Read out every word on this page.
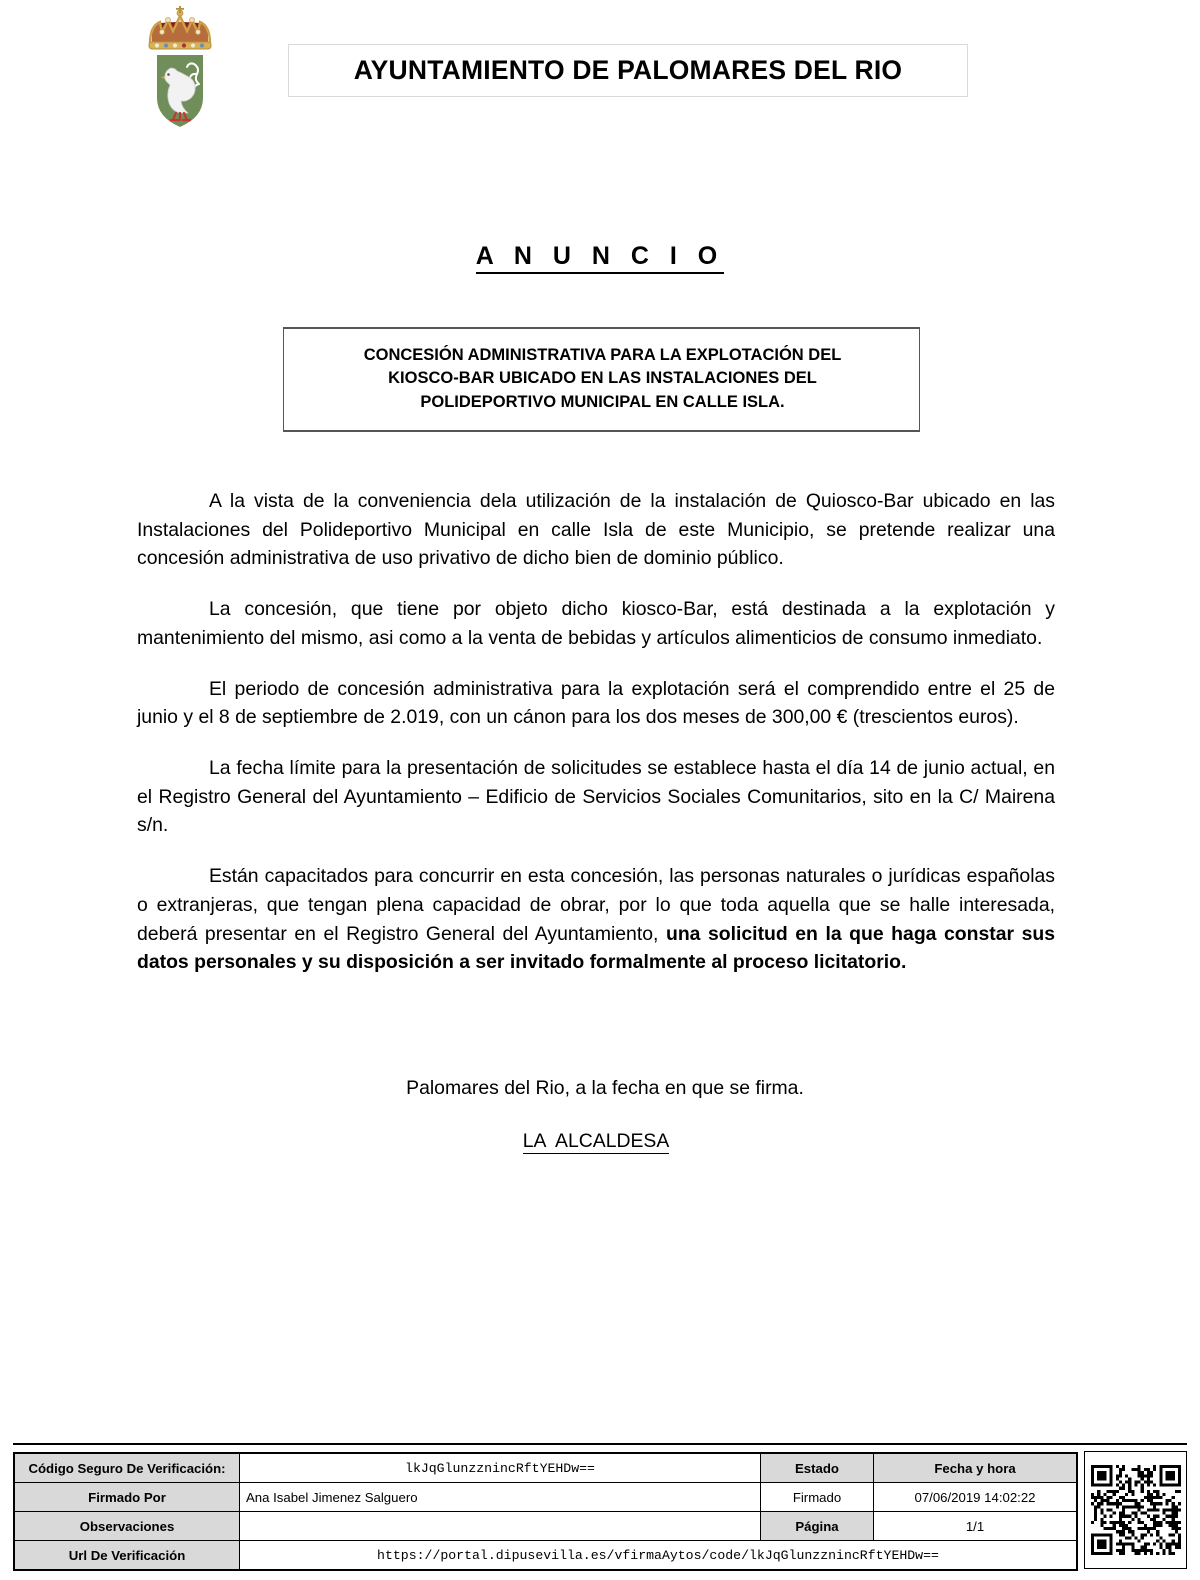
AYUNTAMIENTO DE PALOMARES DEL RIO
A N U N C I O
CONCESIÓN ADMINISTRATIVA PARA LA EXPLOTACIÓN DEL
KIOSCO-BAR UBICADO EN LAS INSTALACIONES DEL
POLIDEPORTIVO MUNICIPAL EN CALLE ISLA.

A la vista de la conveniencia dela utilización de la instalación de Quiosco-Bar ubicado en las Instalaciones del Polideportivo Municipal en calle Isla de este Municipio, se pretende realizar una concesión administrativa de uso privativo de dicho bien de dominio público.

La concesión, que tiene por objeto dicho kiosco-Bar, está destinada a la explotación y mantenimiento del mismo, asi como a la venta de bebidas y artículos alimenticios de consumo inmediato.

El periodo de concesión administrativa para la explotación será el comprendido entre el 25 de junio y el 8 de septiembre de 2.019, con un cánon para los dos meses de 300,00 € (trescientos euros).

La fecha límite para la presentación de solicitudes se establece hasta el día 14 de junio actual, en el Registro General del Ayuntamiento – Edificio de Servicios Sociales Comunitarios, sito en la C/ Mairena s/n.

Están capacitados para concurrir en esta concesión, las personas naturales o jurídicas españolas o extranjeras, que tengan plena capacidad de obrar, por lo que toda aquella que se halle interesada, deberá presentar en el Registro General del Ayuntamiento, una solicitud en la que haga constar sus datos personales y su disposición a ser invitado formalmente al proceso licitatorio.

Palomares del Rio, a la fecha en que se firma.
LA  ALCALDESA
Código Seguro De Verificación:	lkJqGlunzznincRftYEHDw==	Estado	Fecha y hora
Firmado Por	Ana Isabel Jimenez Salguero	Firmado	07/06/2019 14:02:22
Observaciones		Página	1/1
Url De Verificación	https://portal.dipusevilla.es/vfirmaAytos/code/lkJqGlunzznincRftYEHDw==		
